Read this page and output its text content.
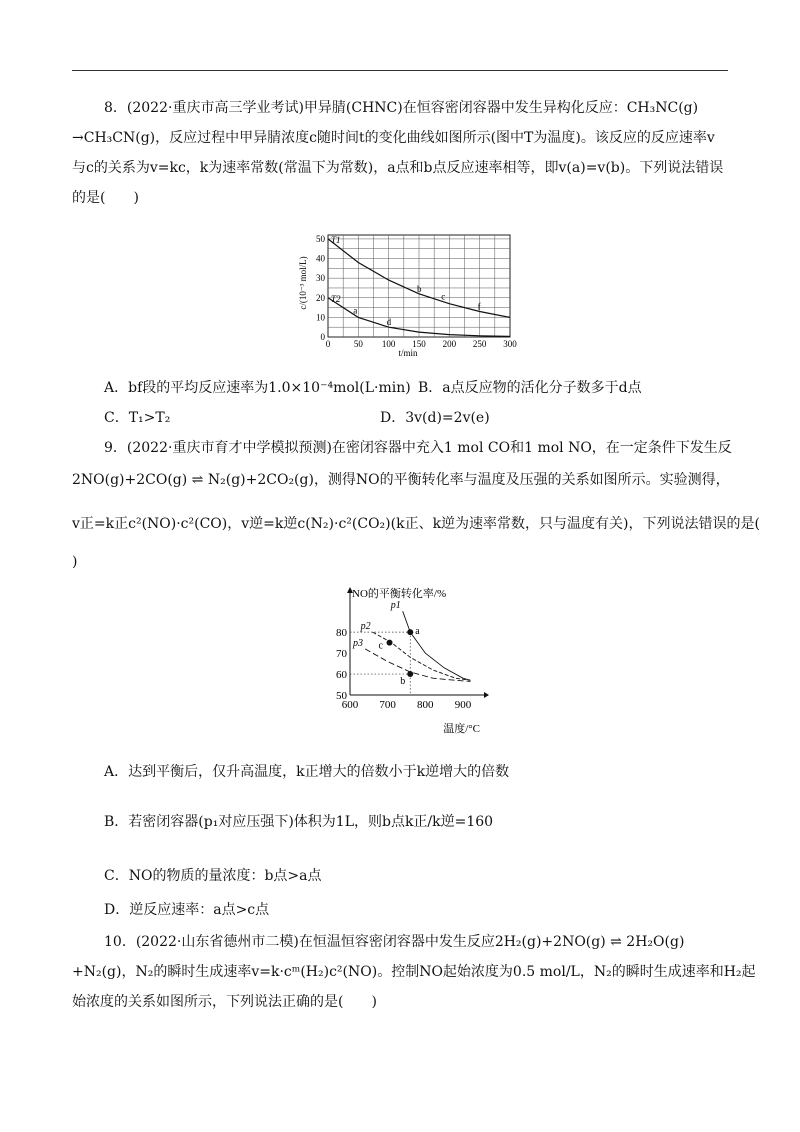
8．(2022·重庆市高三学业考试)甲异腈(CHNC)在恒容密闭容器中发生异构化反应：CH₃NC(g)
→CH₃CN(g)，反应过程中甲异腈浓度c随时间t的变化曲线如图所示(图中T为温度)。该反应的反应速率v
与c的关系为v=kc，k为速率常数(常温下为常数)，a点和b点反应速率相等，即v(a)=v(b)。下列说法错误
的是(　　)
T1
T2
a
b
c
d
f
0	50 100 150 200 250 300
0
10
20
30
40
50
t/min
c/(10⁻³ mol/L)
A．bf段的平均反应速率为1.0×10⁻⁴mol(L·min) B．a点反应物的活化分子数多于d点
C．T₁>T₂	D．3v(d)=2v(e)
9．(2022·重庆市育才中学模拟预测)在密闭容器中充入1 mol CO和1 mol NO，在一定条件下发生反
2NO(g)+2CO(g) ⇌ N₂(g)+2CO₂(g)，测得NO的平衡转化率与温度及压强的关系如图所示。实验测得，
v正=k正c²(NO)·c²(CO)，v逆=k逆c(N₂)·c²(CO₂)(k正、k逆为速率常数，只与温度有关)，下列说法错误的是(
)
p1
p2
p3
a
b
c
600 700 800 900
50
60
70
80
NO的平衡转化率/%
温度/°C
A．达到平衡后，仅升高温度，k正增大的倍数小于k逆增大的倍数
B．若密闭容器(p₁对应压强下)体积为1L，则b点k正/k逆=160
C．NO的物质的量浓度：b点>a点
D．逆反应速率：a点>c点
10．(2022·山东省德州市二模)在恒温恒容密闭容器中发生反应2H₂(g)+2NO(g) ⇌ 2H₂O(g)
+N₂(g)，N₂的瞬时生成速率v=k·cᵐ(H₂)c²(NO)。控制NO起始浓度为0.5 mol/L，N₂的瞬时生成速率和H₂起
始浓度的关系如图所示，下列说法正确的是(　　)
